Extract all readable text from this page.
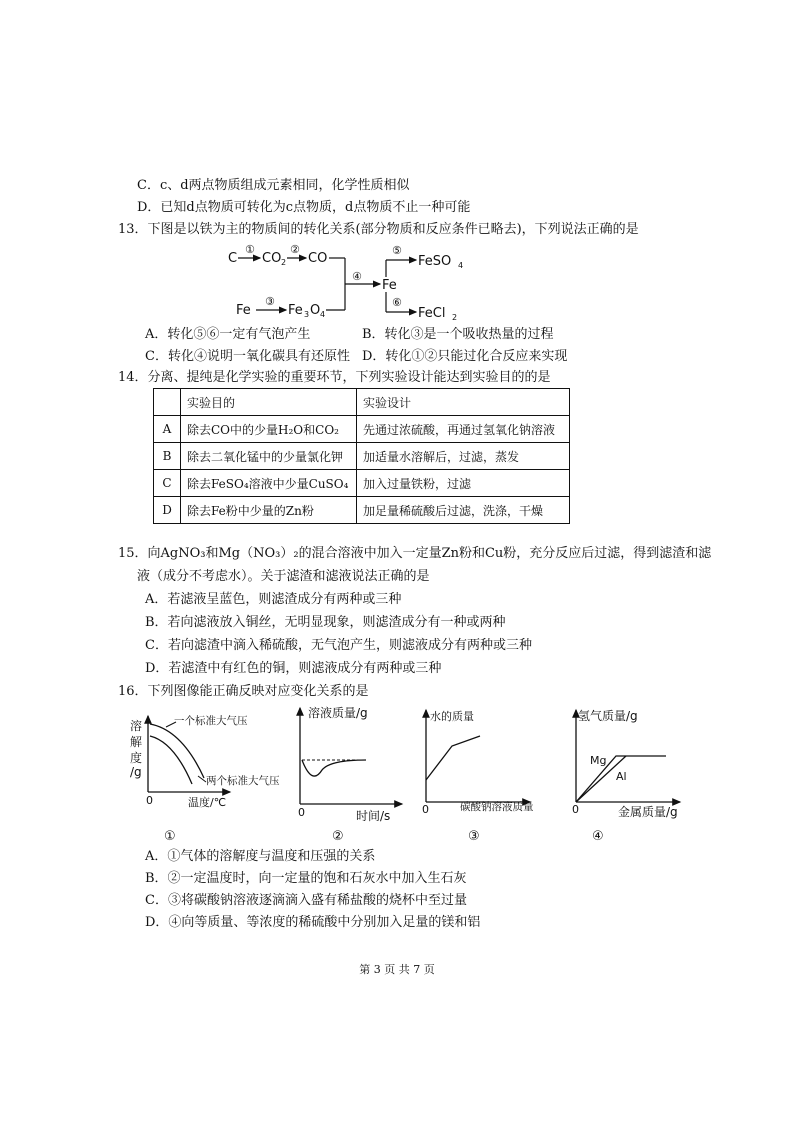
C．c、d两点物质组成元素相同，化学性质相似
D．已知d点物质可转化为c点物质，d点物质不止一种可能
13．下图是以铁为主的物质间的转化关系(部分物质和反应条件已略去)，下列说法正确的是
C
①
CO 2
②
CO
Fe
③
Fe 3 O 4
④
Fe
⑤
FeSO 4
⑥
FeCl 2
A．转化⑤⑥一定有气泡产生	B．转化③是一个吸收热量的过程
C．转化④说明一氧化碳具有还原性 D．转化①②只能过化合反应来实现
14．分离、提纯是化学实验的重要环节，下列实验设计能达到实验目的的是
	实验目的	实验设计
A	除去CO中的少量H₂O和CO₂	先通过浓硫酸，再通过氢氧化钠溶液
B	除去二氧化锰中的少量氯化钾	加适量水溶解后，过滤，蒸发
C	除去FeSO₄溶液中少量CuSO₄	加入过量铁粉，过滤
D	除去Fe粉中少量的Zn粉	加足量稀硫酸后过滤，洗涤，干燥
15．向AgNO₃和Mg（NO₃）₂的混合溶液中加入一定量Zn粉和Cu粉，充分反应后过滤，得到滤渣和滤
液（成分不考虑水）。关于滤渣和滤液说法正确的是
A．若滤液呈蓝色，则滤渣成分有两种或三种
B．若向滤液放入铜丝，无明显现象，则滤渣成分有一种或两种
C．若向滤渣中滴入稀硫酸，无气泡产生，则滤液成分有两种或三种
D．若滤渣中有红色的铜，则滤液成分有两种或三种
16．下列图像能正确反映对应变化关系的是
溶
解
度
/g
一个标准大气压
两个标准大气压
0	温度/℃
①
溶液质量/g
0	时间/s
②
水的质量
0	碳酸钠溶液质量
③
氢气质量/g
Mg
Al
0	金属质量/g
④
A．①气体的溶解度与温度和压强的关系
B．②一定温度时，向一定量的饱和石灰水中加入生石灰
C．③将碳酸钠溶液逐滴滴入盛有稀盐酸的烧杯中至过量
D．④向等质量、等浓度的稀硫酸中分别加入足量的镁和铝
第 3 页 共 7 页
